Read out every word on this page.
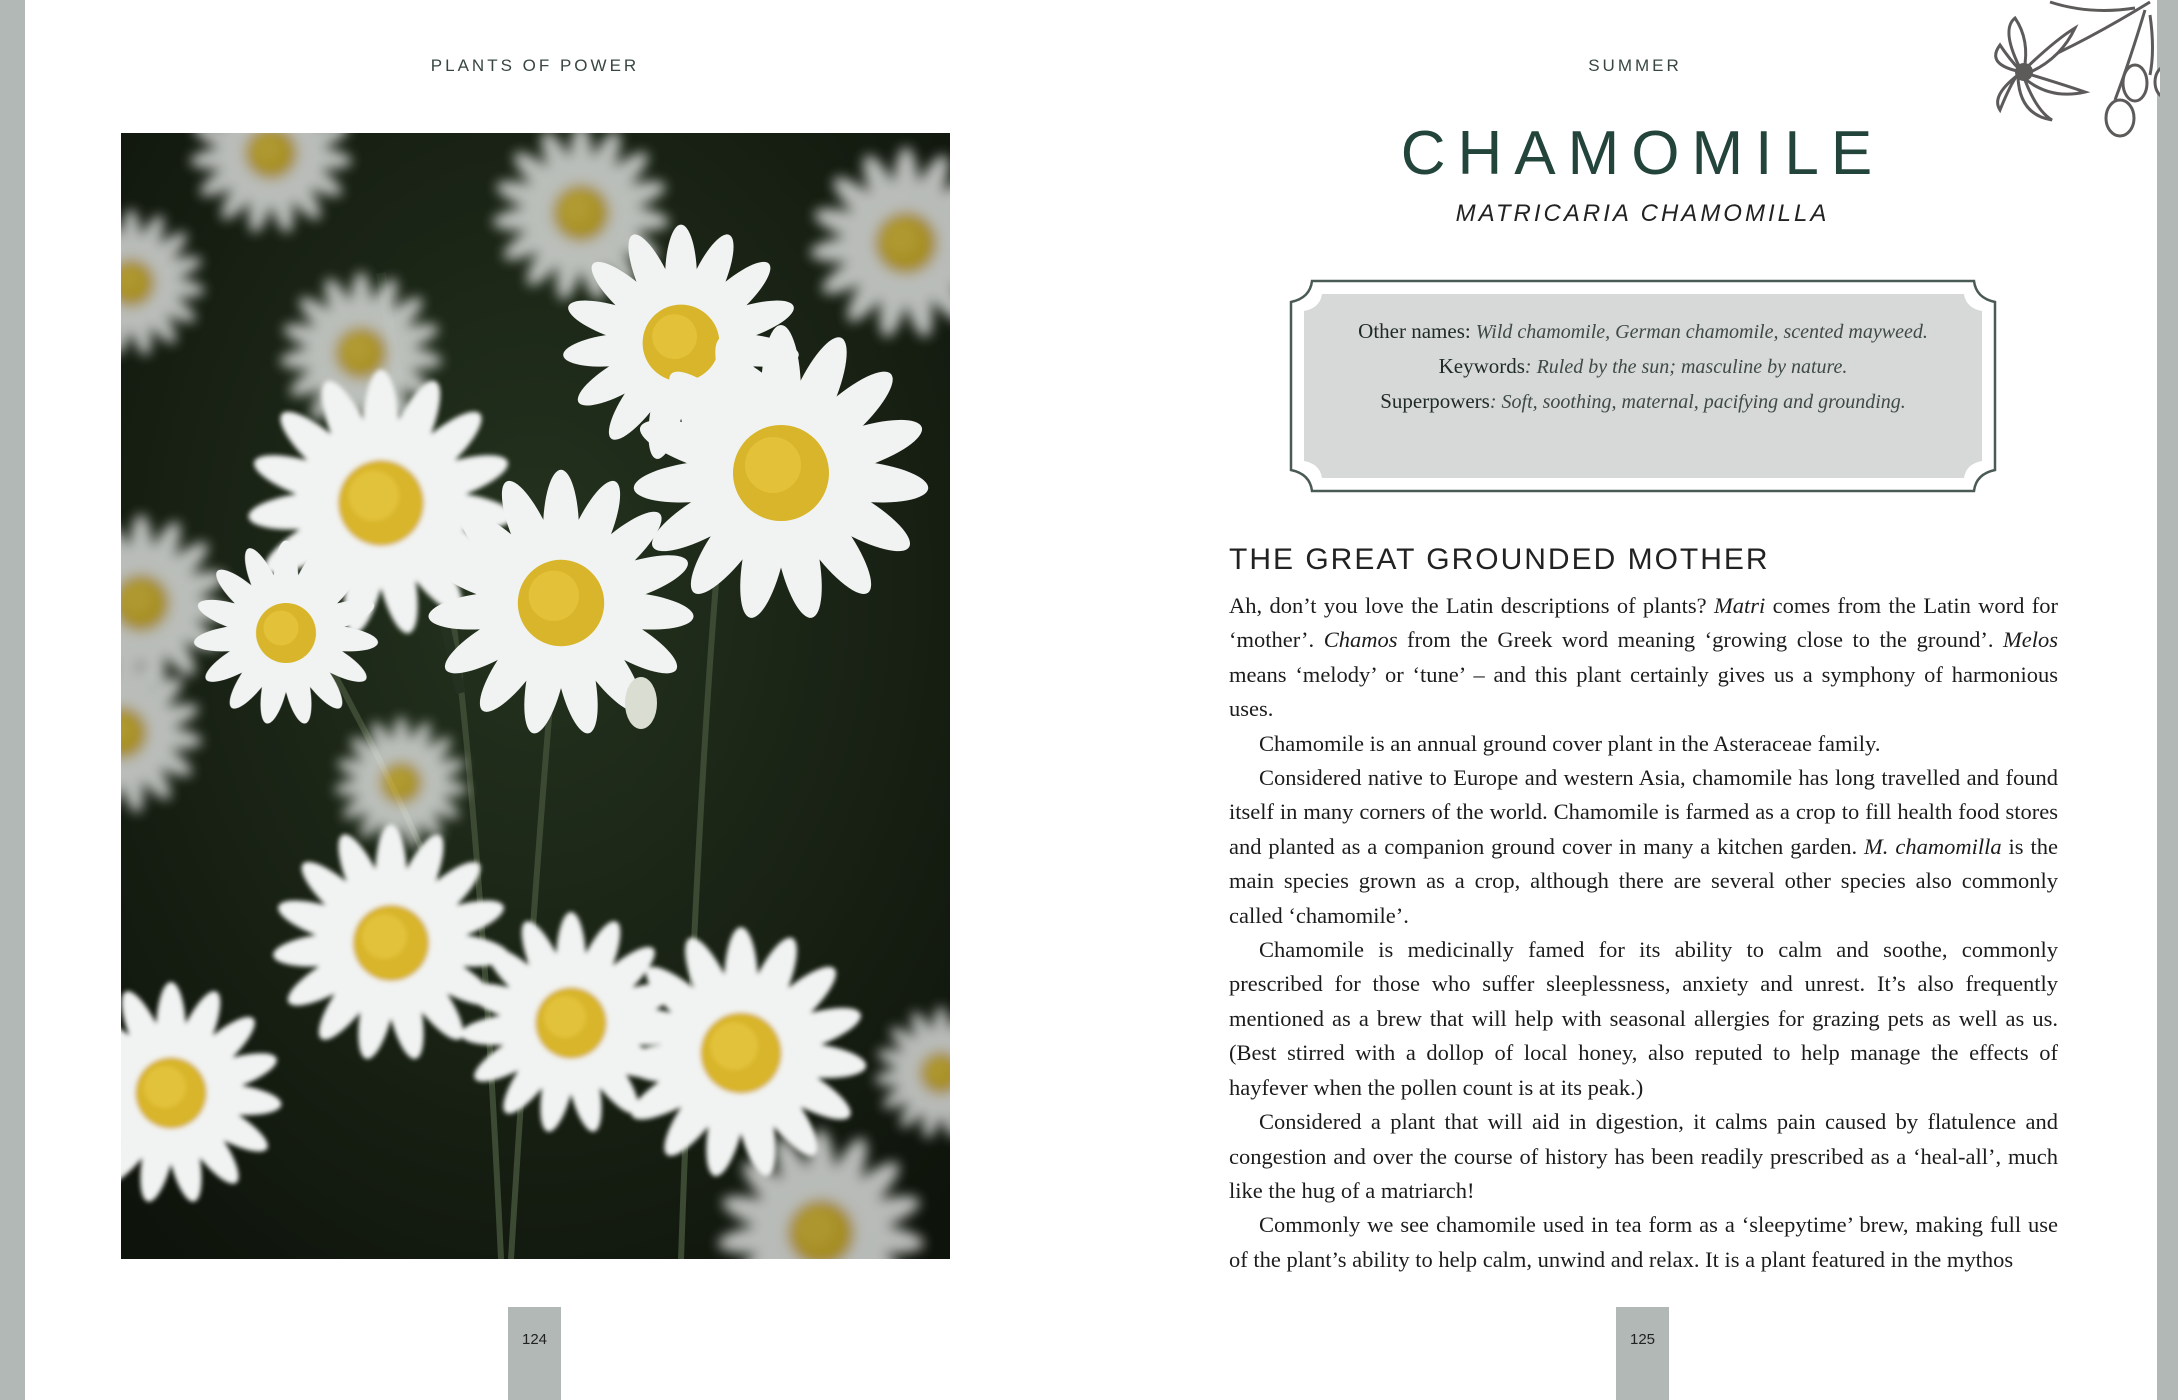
PLANTS OF POWER
124
SUMMER
CHAMOMILE
MATRICARIA CHAMOMILLA
Other names: Wild chamomile, German chamomile, scented mayweed.
Keywords: Ruled by the sun; masculine by nature.
Superpowers: Soft, soothing, maternal, pacifying and grounding.
THE GREAT GROUNDED MOTHER

Ah, don’t you love the Latin descriptions of plants? Matri comes from the Latin word for ‘mother’. Chamos from the Greek word meaning ‘growing close to the ground’. Melos means ‘melody’ or ‘tune’ – and this plant certainly gives us a symphony of harmonious uses.

Chamomile is an annual ground cover plant in the Asteraceae family.

Considered native to Europe and western Asia, chamomile has long travelled and found itself in many corners of the world. Chamomile is farmed as a crop to fill health food stores and planted as a companion ground cover in many a kitchen garden. M. chamomilla is the main species grown as a crop, although there are several other species also commonly called ‘chamomile’.

Chamomile is medicinally famed for its ability to calm and soothe, commonly prescribed for those who suffer sleeplessness, anxiety and unrest. It’s also frequently mentioned as a brew that will help with seasonal allergies for grazing pets as well as us. (Best stirred with a dollop of local honey, also reputed to help manage the effects of hayfever when the pollen count is at its peak.)

Considered a plant that will aid in digestion, it calms pain caused by flatulence and congestion and over the course of history has been readily prescribed as a ‘heal-all’, much like the hug of a matriarch!

Commonly we see chamomile used in tea form as a ‘sleepytime’ brew, making full use of the plant’s ability to help calm, unwind and relax. It is a plant featured in the mythos

125
